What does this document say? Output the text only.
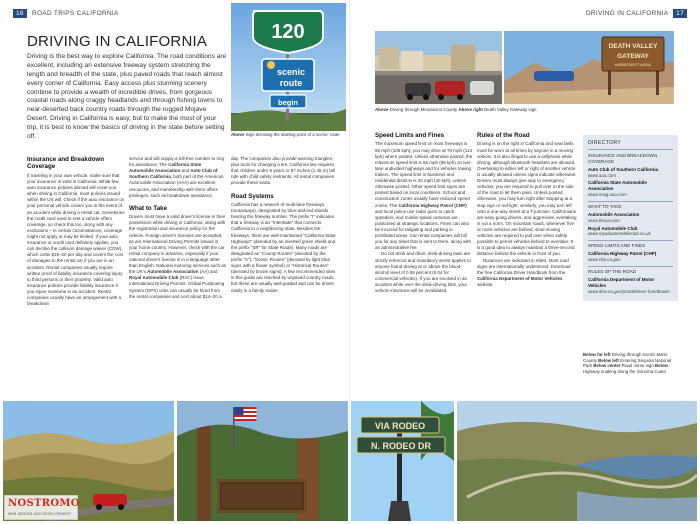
16 ROAD TRIPS CALIFORNIA	DRIVING IN CALIFORNIA 17
DRIVING IN CALIFORNIA

Driving is the best way to explore California. The road conditions are excellent, including an extensive freeway system stretching the length and breadth of the state, plus paved roads that reach almost every corner of California. Easy access plus stunning scenery combine to provide a wealth of incredible drives, from gorgeous coastal roads along craggy headlands and through fishing towns to near-deserted back country roads through the rugged Mojave Desert. Driving in California is easy, but to make the most of your trip, it is best to know the basics of driving in the state before setting off.

120
scenic
route
begin
Above Sign denoting the starting point of a scenic route
DEATH VALLEY
GATEWAY
MARKER 500 FT AHEAD
Above Driving through Mendocino County Above right Death Valley Gateway sign
Insurance and Breakdown Coverage

If traveling in your own vehicle, make sure that your insurance is valid in California. While few auto insurance policies abroad will cover you when driving in California, most policies issued within the US will. Check if the auto insurance on your personal vehicle covers you in the event of an accident while driving a rental car. Sometimes the credit card used to rent a vehicle offers coverage, so check this too, along with any exclusions – in certain circumstances, coverage might not apply or may be limited. If your auto insurance or credit card definitely applies, you can decline the collision damage waiver (CDW), which costs $15–20 per day and covers the cost of damages to the rental car if you are in an accident. Rental companies usually require written proof of liability insurance covering injury to third persons or their property. Valid auto insurance policies provide liability insurance if you injure someone in an accident. Rental companies usually have an arrangement with a breakdown

service and will supply a toll-free number to ring for assistance. The California State Automobile Association and Auto Club of Southern California, both part of the American Automobile Association (AAA) are excellent resources, and membership with them offers privileges, such as breakdown assistance.

What to Take

Drivers must have a valid driver's license in their possession while driving in California, along with the registration and insurance policy for the vehicle. Foreign driver's licenses are accepted, as are International Driving Permits issued in your home country. However, check with the car rental company in advance, especially if your national driver's license is in a language other than English. National motoring services such as the UK's Automobile Association (AA) and Royal Automobile Club (RAC) issue International Driving Permits. Global Positioning System (GPS) units can usually be hired from the rental companies and cost about $14–20 a

day. The companies also provide warning triangles; plus tools for changing a tire. California law requires that children under 8 years or 57 inches (1.45 m) tall ride with child safety restraints. All rental companies provide these seats.

Road Systems

California has a network of multi-lane freeways (motorways), designated by blue-and-red shields bearing the freeway number. The prefix "I" indicates that a freeway is an "Interstate" that connects California to a neighboring state. Besides the freeways, there are well-maintained "California State Highways" (denoted by an inverted green shield and the prefix "SR" for State Route). Many roads are designated as "County Routes" (denoted by the prefix "S"), "Scenic Routes" (denoted by light blue signs with a flower symbol) or "Historical Routes" (denoted by brown signs). A few recommended sites in this guide are reached by unpaved country roads, but these are usually well-graded and can be driven easily in a family sedan.

Speed Limits and Fines

The maximum speed limit on most freeways is 65 mph (105 kph); you may drive at 70 mph (113 kph) where posted. Unless otherwise posted, the maximum speed limit is 55 mph (89 kph) on two-lane undivided highways and for vehicles towing trailers. The speed limit in business and residential districts is 25 mph (40 kph), unless otherwise posted. Other speed limit signs are posted based on local conditions. School and construction zones usually have reduced speed zones. The California Highway Patrol (CHP) and local police use radar guns to catch speeders, and mobile speed cameras are positioned at strategic locations. Fines can also be incurred for tailgating and parking in prohibited areas. Car rental companies will bill you for any ticket that is sent to them, along with an administrative fee.

Do not drink and drive; drink-driving laws are strictly enforced and mandatory arrest applies to anyone found driving at or above the blood-alcohol level of 0.08 percent (0.04 for commercial vehicles). If you are involved in an accident while over the drink-driving limit, your vehicle insurance will be invalidated.

Rules of the Road

Driving is on the right in California and seat belts must be worn at all times by anyone in a moving vehicle. It is also illegal to use a cellphone while driving, although Bluetooth headsets are allowed. Overtaking to either left or right of another vehicle is usually allowed unless signs indicate otherwise. Drivers must always give way to emergency vehicles; you are required to pull over to the side of the road to let them pass. Unless posted otherwise, you may turn right after stopping at a stop sign or red light; similarly, you may turn left onto a one-way street at a T-junction. Californians are easy-going drivers, and aggressive overtaking is not a norm. On mountain roads, whenever five or more vehicles are behind, slow-moving vehicles are required to pull over when safely possible to permit vehicles behind to overtake. It is a good idea to always maintain a three-second distance behind the vehicle in front of you.

Distances are indicated in miles. Most road signs are internationally understood. Download the free California Driver Handbook from the California Department of Motor Vehicles website.

DIRECTORY
INSURANCE AND BREAKDOWN COVERAGE
Auto Club of Southern California
www.aaa.com
California State Automobile Association
www.mwg.aaa.com
WHAT TO TAKE
Automobile Association
www.theaa.com
Royal Automobile Club
www.royalautomobileclub.co.uk
SPEED LIMITS AND FINES
California Highway Patrol (CHP)
www.chp.ca.gov
RULES OF THE ROAD
California Department of Motor Vehicles
www.dmv.ca.gov/portal/driver-handbooks
Below far left Driving through scenic Marin County Below left Entering Sequoia National Park Below center Road name sign Below Highway snaking along the Sonoma Coast
VIA RODEO
N. RODEO DR
NOSTROMO
WEB DESIGN AND DEVELOPMENT
